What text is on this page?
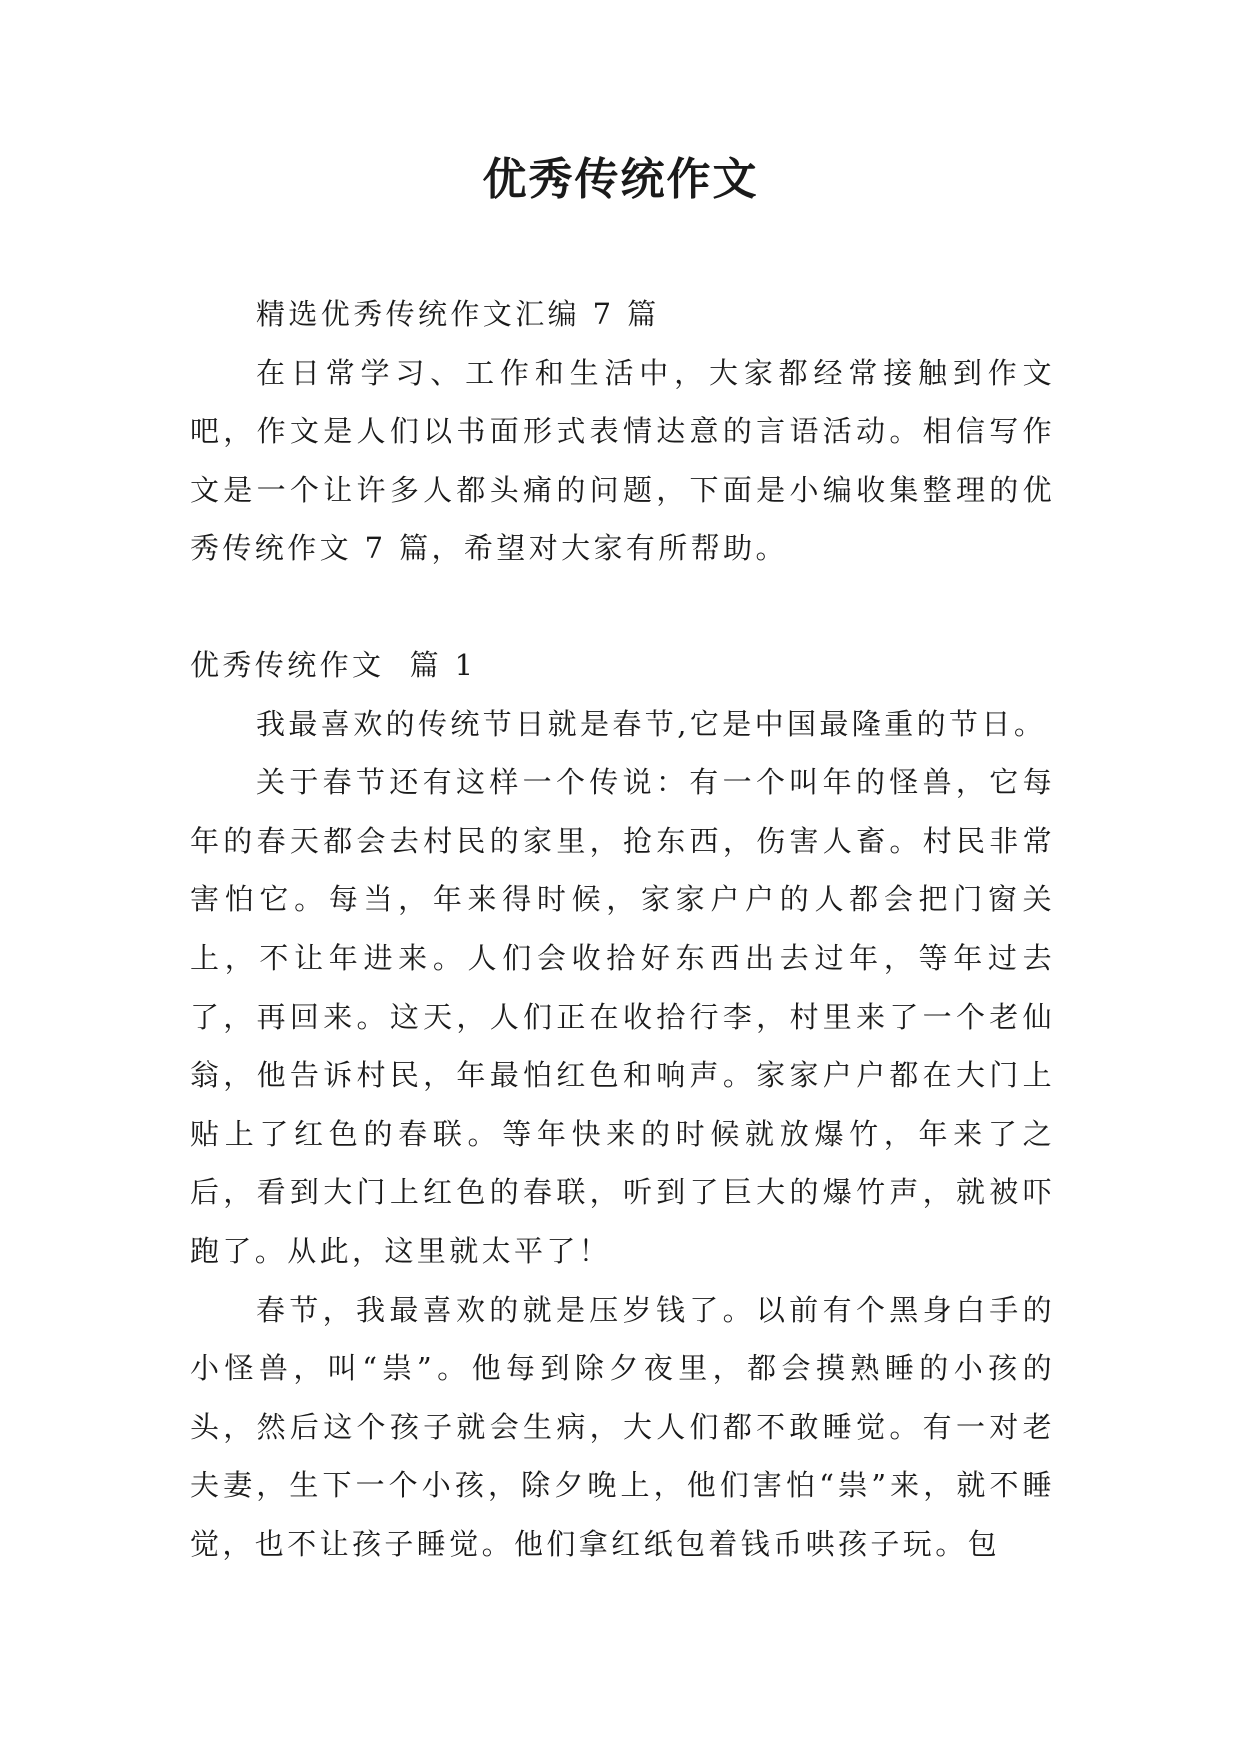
优秀传统作文

精选优秀传统作文汇编 7 篇

在日常学习、工作和生活中，大家都经常接触到作文吧，作文是人们以书面形式表情达意的言语活动。相信写作文是一个让许多人都头痛的问题，下面是小编收集整理的优秀传统作文 7 篇，希望对大家有所帮助。

优秀传统作文  篇 1

我最喜欢的传统节日就是春节,它是中国最隆重的节日。

关于春节还有这样一个传说：有一个叫年的怪兽，它每年的春天都会去村民的家里，抢东西，伤害人畜。村民非常害怕它。每当，年来得时候，家家户户的人都会把门窗关上，不让年进来。人们会收拾好东西出去过年，等年过去了，再回来。这天，人们正在收拾行李，村里来了一个老仙翁，他告诉村民，年最怕红色和响声。家家户户都在大门上贴上了红色的春联。等年快来的时候就放爆竹，年来了之后，看到大门上红色的春联，听到了巨大的爆竹声，就被吓跑了。从此，这里就太平了！

春节，我最喜欢的就是压岁钱了。以前有个黑身白手的小怪兽，叫“祟”。他每到除夕夜里，都会摸熟睡的小孩的头，然后这个孩子就会生病，大人们都不敢睡觉。有一对老夫妻，生下一个小孩，除夕晚上，他们害怕“祟”来，就不睡觉，也不让孩子睡觉。他们拿红纸包着钱币哄孩子玩。包
